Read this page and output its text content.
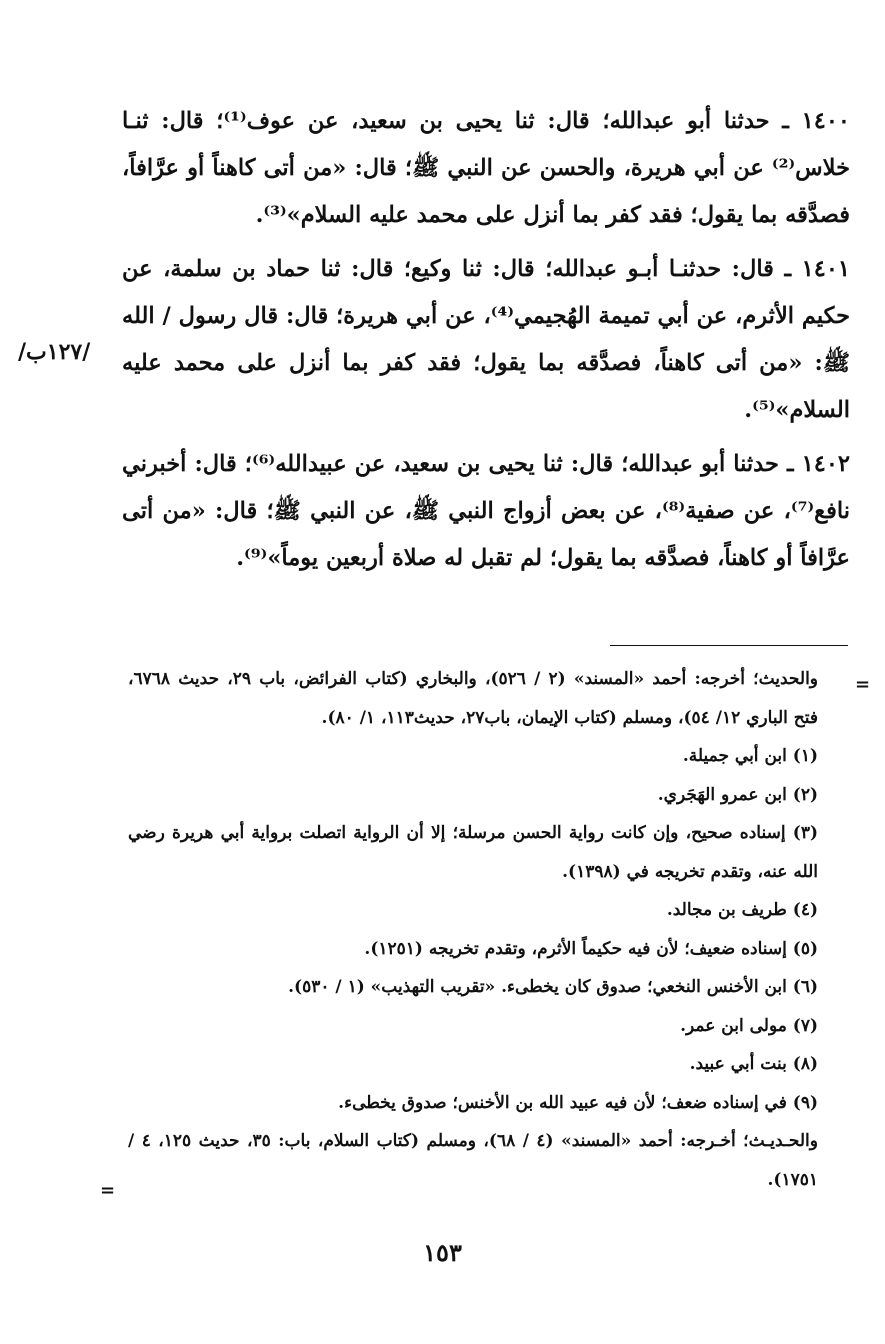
١٤٠٠ ـ حدثنا أبو عبدالله؛ قال: ثنا يحيى بن سعيد، عن عوف⁽¹⁾؛ قال: ثنـا خلاس⁽²⁾ عن أبي هريرة، والحسن عن النبي ﷺ؛ قال: «من أتى كاهناً أو عرَّافاً، فصدَّقه بما يقول؛ فقد كفر بما أنزل على محمد عليه السلام»⁽³⁾.

١٤٠١ ـ قال: حدثنـا أبـو عبدالله؛ قال: ثنا وكيع؛ قال: ثنا حماد بن سلمة، عن حكيم الأثرم، عن أبي تميمة الهُجيمي⁽⁴⁾، عن أبي هريرة؛ قال: قال رسول / الله ﷺ: «من أتى كاهناً، فصدَّقه بما يقول؛ فقد كفر بما أنزل على محمد عليه السلام»⁽⁵⁾.

١٤٠٢ ـ حدثنا أبو عبدالله؛ قال: ثنا يحيى بن سعيد، عن عبيدالله⁽⁶⁾؛ قال: أخبرني نافع⁽⁷⁾، عن صفية⁽⁸⁾، عن بعض أزواج النبي ﷺ، عن النبي ﷺ؛ قال: «من أتى عرَّافاً أو كاهناً، فصدَّقه بما يقول؛ لم تقبل له صلاة أربعين يوماً»⁽⁹⁾.

/١٢٧ب/
=

والحديث؛ أخرجه: أحمد «المسند» (٢ / ٥٢٦)، والبخاري (كتاب الفرائض، باب ٢٩، حديث ٦٧٦٨، فتح الباري ١٢/ ٥٤)، ومسلم (كتاب الإيمان، باب٢٧، حديث١١٣، ١/ ٨٠).

(١) ابن أبي جميلة.

(٢) ابن عمرو الهَجَري.

(٣) إسناده صحيح، وإن كانت رواية الحسن مرسلة؛ إلا أن الرواية اتصلت برواية أبي هريرة رضي الله عنه، وتقدم تخريجه في (١٣٩٨).

(٤) طريف بن مجالد.

(٥) إسناده ضعيف؛ لأن فيه حكيماً الأثرم، وتقدم تخريجه (١٢٥١).

(٦) ابن الأخنس النخعي؛ صدوق كان يخطىء. «تقريب التهذيب» (١ / ٥٣٠).

(٧) مولى ابن عمر.

(٨) بنت أبي عبيد.

(٩) في إسناده ضعف؛ لأن فيه عبيد الله بن الأخنس؛ صدوق يخطىء.

والحـديـث؛ أخـرجه: أحمد «المسند» (٤ / ٦٨)، ومسلم (كتاب السلام، باب: ٣٥، حديث ١٢٥، ٤ / ١٧٥١).

=
١٥٣
